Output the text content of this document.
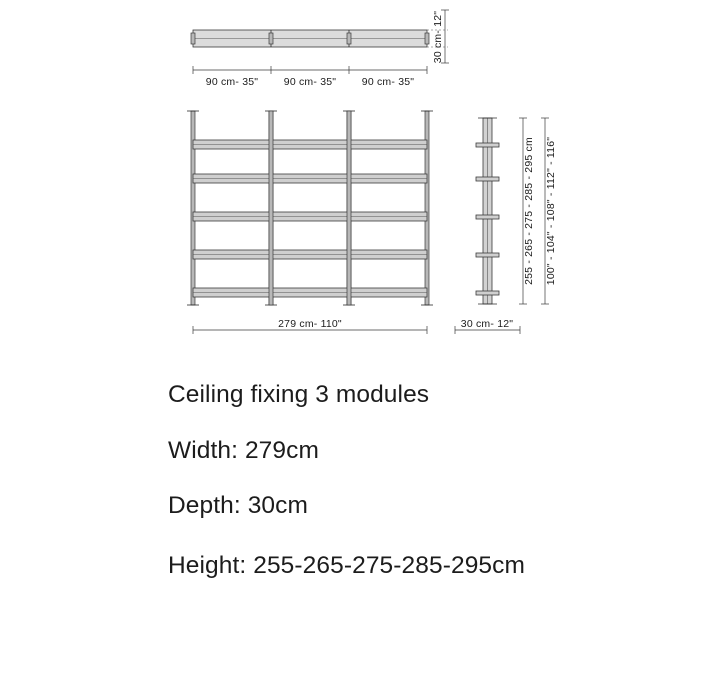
30 cm- 12"
90 cm- 35" 90 cm- 35" 90 cm- 35"
279 cm- 110"	30 cm- 12"
255 - 265 - 275 - 285 - 295 cm 100" - 104" - 108" - 112" - 116"
Ceiling fixing 3 modules
Width: 279cm
Depth: 30cm
Height: 255-265-275-285-295cm
